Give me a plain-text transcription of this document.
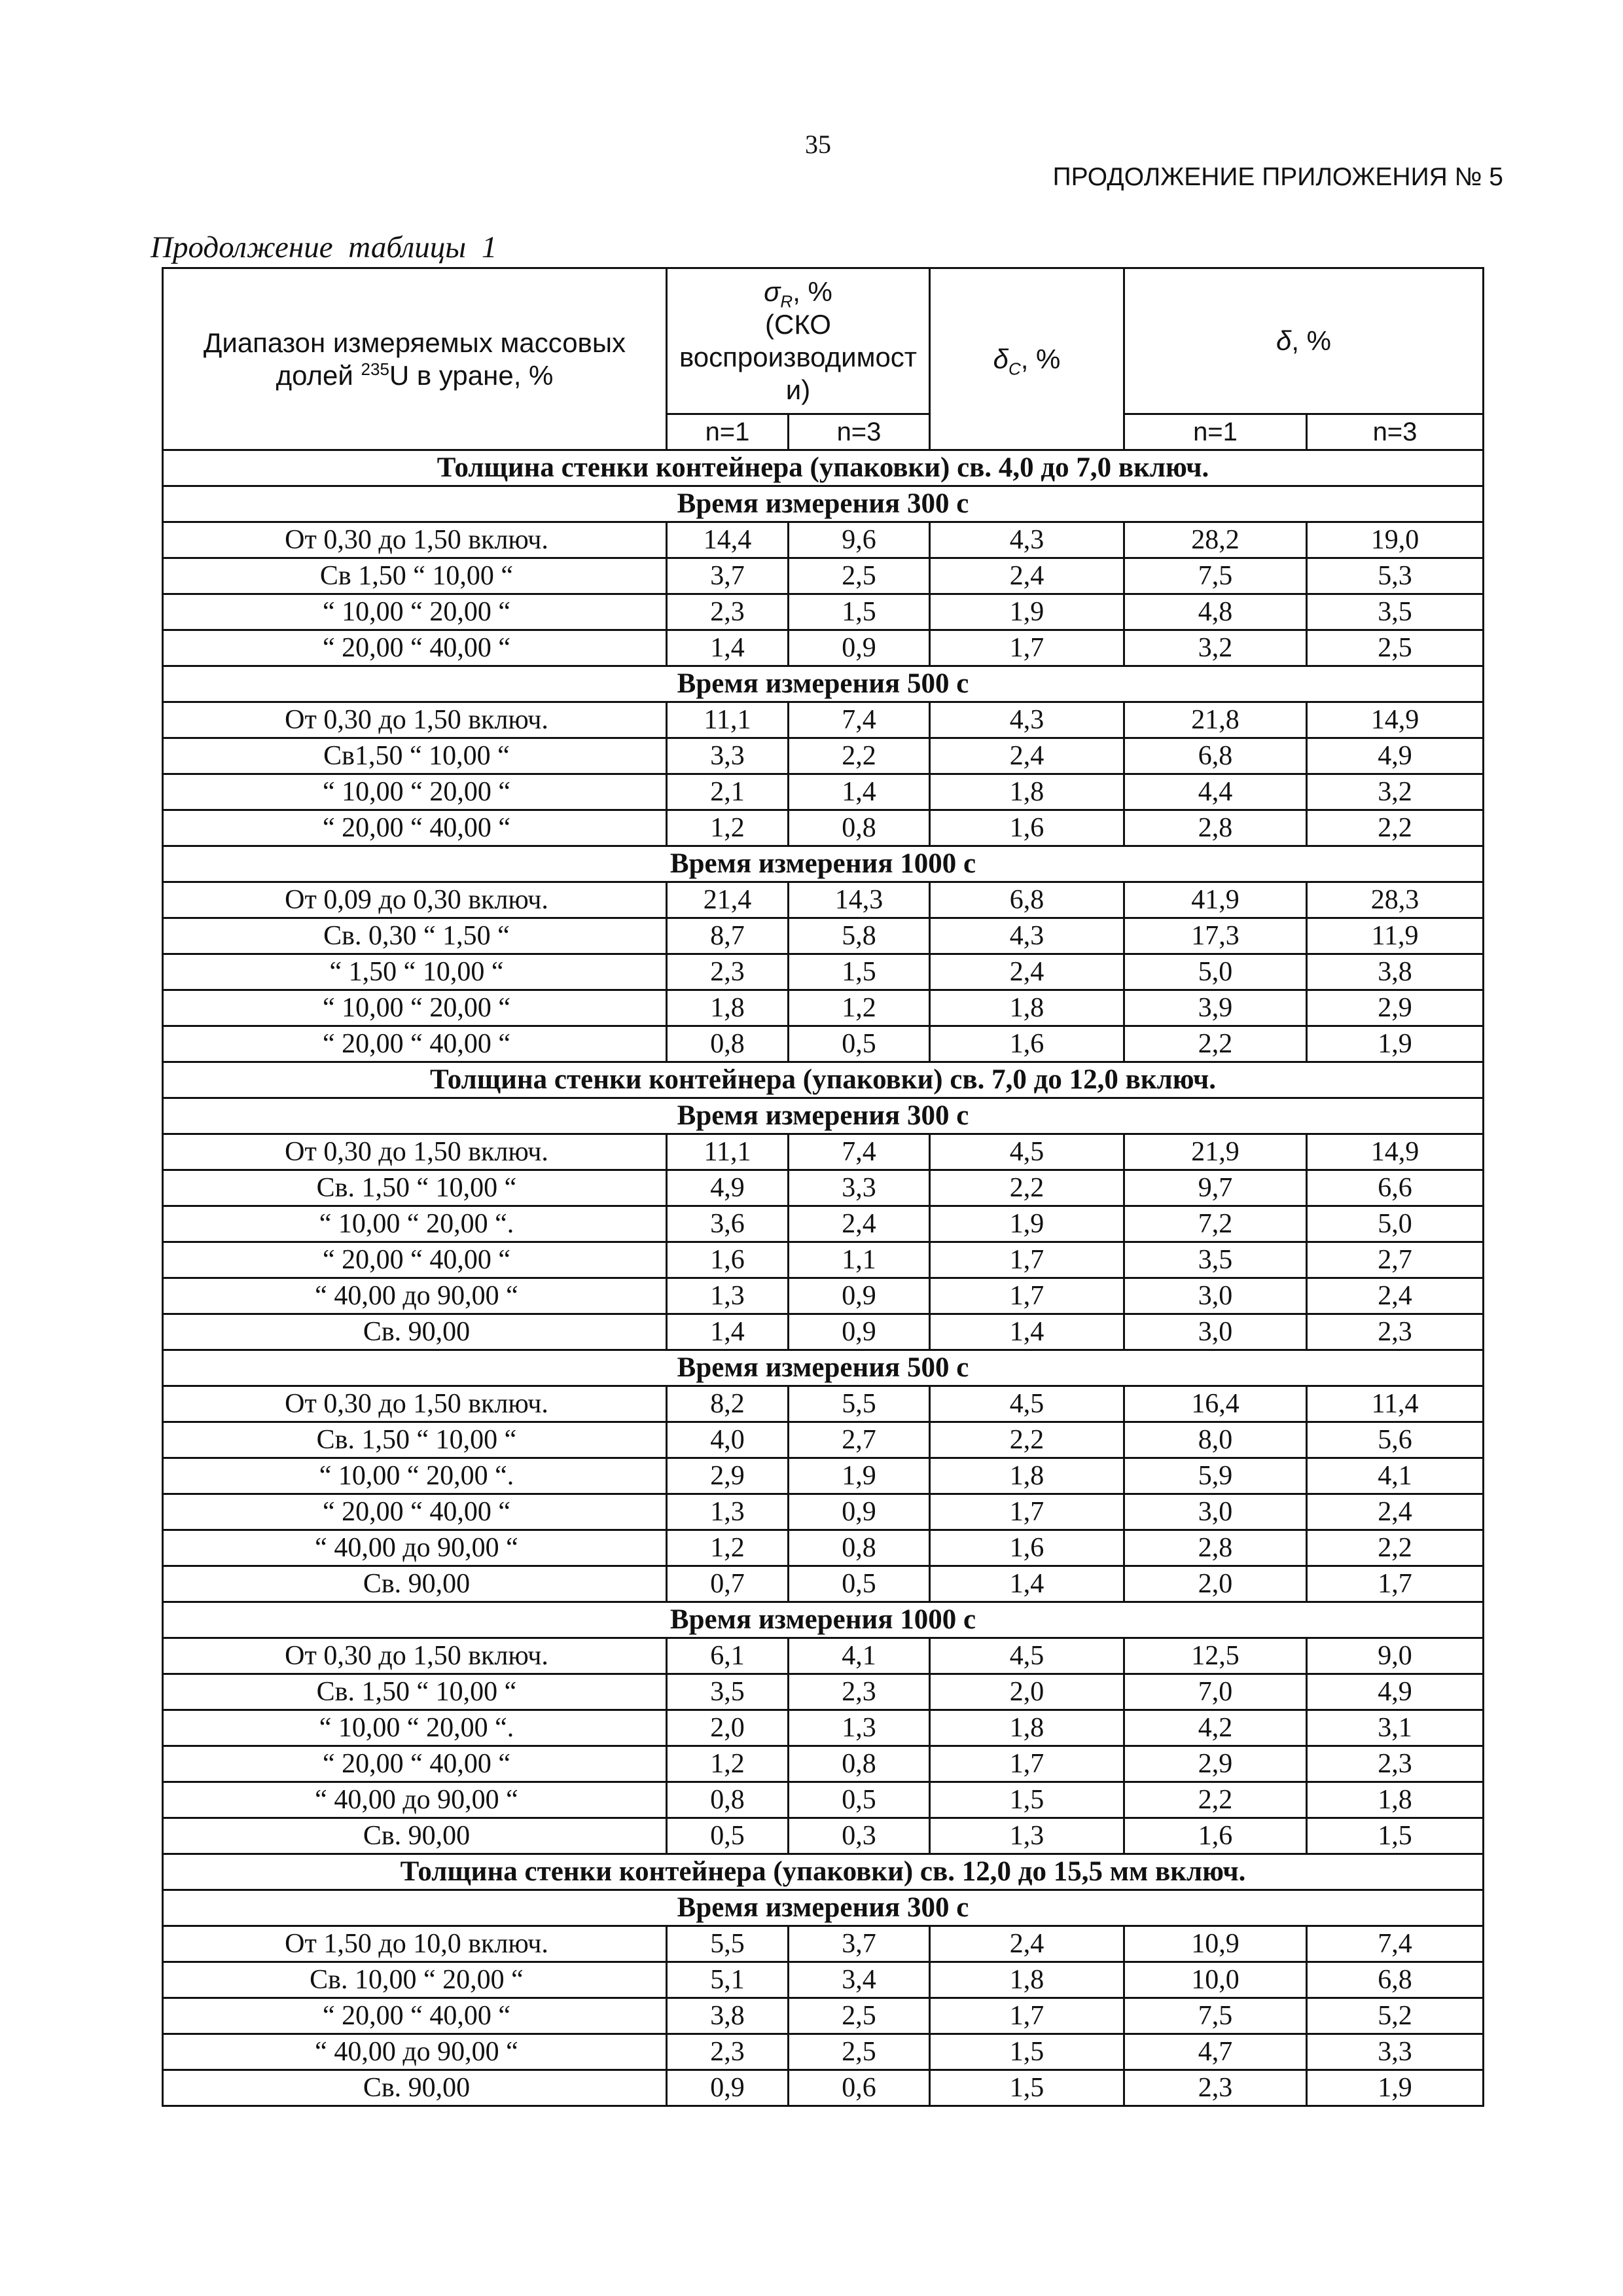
35
ПРОДОЛЖЕНИЕ ПРИЛОЖЕНИЯ № 5
Продолжение таблицы 1
Диапазон измеряемых массовых
долей $^{235}$U в уране, %	$\sigma_R$, %
(СКО
воспроизводимост
и)		$\delta_C$, %	δ, %	
	n=1	n=3		n=1	n=3
Толщина стенки контейнера (упаковки) св. 4,0 до 7,0 включ.					
Время измерения 300 с					
От 0,30 до 1,50 включ.	14,4	9,6	4,3	28,2	19,0
Св 1,50 “ 10,00 “	3,7	2,5	2,4	7,5	5,3
“ 10,00 “ 20,00 “	2,3	1,5	1,9	4,8	3,5
“ 20,00 “ 40,00 “	1,4	0,9	1,7	3,2	2,5
Время измерения 500 с					
От 0,30 до 1,50 включ.	11,1	7,4	4,3	21,8	14,9
Св1,50 “ 10,00 “	3,3	2,2	2,4	6,8	4,9
“ 10,00 “ 20,00 “	2,1	1,4	1,8	4,4	3,2
“ 20,00 “ 40,00 “	1,2	0,8	1,6	2,8	2,2
Время измерения 1000 с					
От 0,09 до 0,30 включ.	21,4	14,3	6,8	41,9	28,3
Св. 0,30 “ 1,50 “	8,7	5,8	4,3	17,3	11,9
“ 1,50 “ 10,00 “	2,3	1,5	2,4	5,0	3,8
“ 10,00 “ 20,00 “	1,8	1,2	1,8	3,9	2,9
“ 20,00 “ 40,00 “	0,8	0,5	1,6	2,2	1,9
Толщина стенки контейнера (упаковки) св. 7,0 до 12,0 включ.					
Время измерения 300 с					
От 0,30 до 1,50 включ.	11,1	7,4	4,5	21,9	14,9
Св. 1,50 “ 10,00 “	4,9	3,3	2,2	9,7	6,6
“ 10,00 “ 20,00 “.	3,6	2,4	1,9	7,2	5,0
“ 20,00 “ 40,00 “	1,6	1,1	1,7	3,5	2,7
“ 40,00 до 90,00 “	1,3	0,9	1,7	3,0	2,4
Св. 90,00	1,4	0,9	1,4	3,0	2,3
Время измерения 500 с					
От 0,30 до 1,50 включ.	8,2	5,5	4,5	16,4	11,4
Св. 1,50 “ 10,00 “	4,0	2,7	2,2	8,0	5,6
“ 10,00 “ 20,00 “.	2,9	1,9	1,8	5,9	4,1
“ 20,00 “ 40,00 “	1,3	0,9	1,7	3,0	2,4
“ 40,00 до 90,00 “	1,2	0,8	1,6	2,8	2,2
Св. 90,00	0,7	0,5	1,4	2,0	1,7
Время измерения 1000 с					
От 0,30 до 1,50 включ.	6,1	4,1	4,5	12,5	9,0
Св. 1,50 “ 10,00 “	3,5	2,3	2,0	7,0	4,9
“ 10,00 “ 20,00 “.	2,0	1,3	1,8	4,2	3,1
“ 20,00 “ 40,00 “	1,2	0,8	1,7	2,9	2,3
“ 40,00 до 90,00 “	0,8	0,5	1,5	2,2	1,8
Св. 90,00	0,5	0,3	1,3	1,6	1,5
Толщина стенки контейнера (упаковки) св. 12,0 до 15,5 мм включ.					
Время измерения 300 с					
От 1,50 до 10,0 включ.	5,5	3,7	2,4	10,9	7,4
Св. 10,00 “ 20,00 “	5,1	3,4	1,8	10,0	6,8
“ 20,00 “ 40,00 “	3,8	2,5	1,7	7,5	5,2
“ 40,00 до 90,00 “	2,3	2,5	1,5	4,7	3,3
Св. 90,00	0,9	0,6	1,5	2,3	1,9
